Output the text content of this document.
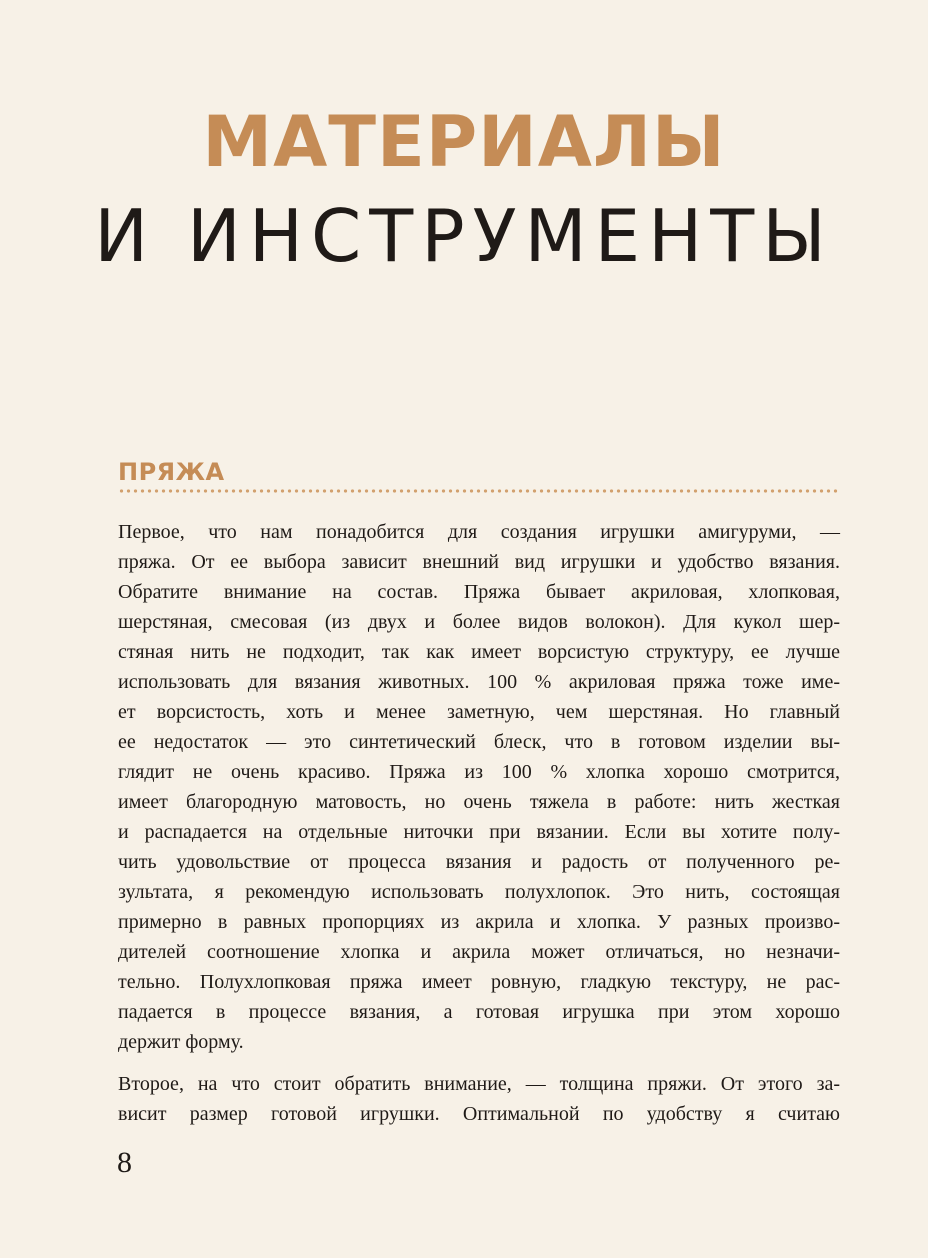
МАТЕРИАЛЫ
И ИНСТРУМЕНТЫ
ПРЯЖА

Первое, что нам понадобится для создания игрушки амигуруми, —
пряжа. От ее выбора зависит внешний вид игрушки и удобство вязания.
Обратите внимание на состав. Пряжа бывает акриловая, хлопковая,
шерстяная, смесовая (из двух и более видов волокон). Для кукол шер-
стяная нить не подходит, так как имеет ворсистую структуру, ее лучше
использовать для вязания животных. 100 % акриловая пряжа тоже име-
ет ворсистость, хоть и менее заметную, чем шерстяная. Но главный
ее недостаток — это синтетический блеск, что в готовом изделии вы-
глядит не очень красиво. Пряжа из 100 % хлопка хорошо смотрится,
имеет благородную матовость, но очень тяжела в работе: нить жесткая
и распадается на отдельные ниточки при вязании. Если вы хотите полу-
чить удовольствие от процесса вязания и радость от полученного ре-
зультата, я рекомендую использовать полухлопок. Это нить, состоящая
примерно в равных пропорциях из акрила и хлопка. У разных произво-
дителей соотношение хлопка и акрила может отличаться, но незначи-
тельно. Полухлопковая пряжа имеет ровную, гладкую текстуру, не рас-
падается в процессе вязания, а готовая игрушка при этом хорошо
держит форму.

Второе, на что стоит обратить внимание, — толщина пряжи. От этого за-
висит размер готовой игрушки. Оптимальной по удобству я считаю

8
